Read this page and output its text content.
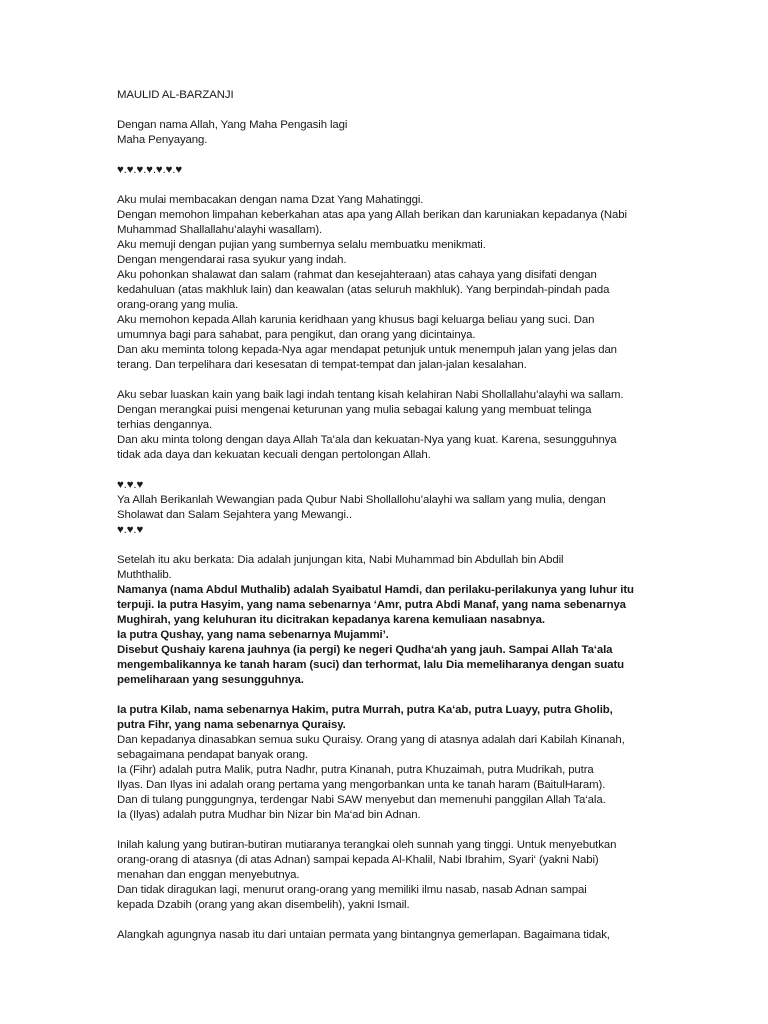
MAULID AL-BARZANJI
Dengan nama Allah, Yang Maha Pengasih lagi
Maha Penyayang.
♥.♥.♥.♥.♥.♥.♥
Aku mulai membacakan dengan nama Dzat Yang Mahatinggi.
Dengan memohon limpahan keberkahan atas apa yang Allah berikan dan karuniakan kepadanya (Nabi
Muhammad Shallallahu’alayhi wasallam).
Aku memuji dengan pujian yang sumbernya selalu membuatku menikmati.
Dengan mengendarai rasa syukur yang indah.
Aku pohonkan shalawat dan salam (rahmat dan kesejahteraan) atas cahaya yang disifati dengan
kedahuluan (atas makhluk lain) dan keawalan (atas seluruh makhluk). Yang berpindah-pindah pada
orang-orang yang mulia.
Aku memohon kepada Allah karunia keridhaan yang khusus bagi keluarga beliau yang suci. Dan
umumnya bagi para sahabat, para pengikut, dan orang yang dicintainya.
Dan aku meminta tolong kepada-Nya agar mendapat petunjuk untuk menempuh jalan yang jelas dan
terang. Dan terpelihara dari kesesatan di tempat-tempat dan jalan-jalan kesalahan.
Aku sebar luaskan kain yang baik lagi indah tentang kisah kelahiran Nabi Shollallahu’alayhi wa sallam.
Dengan merangkai puisi mengenai keturunan yang mulia sebagai kalung yang membuat telinga
terhias dengannya.
Dan aku minta tolong dengan daya Allah Ta’ala dan kekuatan-Nya yang kuat. Karena, sesungguhnya
tidak ada daya dan kekuatan kecuali dengan pertolongan Allah.
♥.♥.♥
Ya Allah Berikanlah Wewangian pada Qubur Nabi Shollallohu’alayhi wa sallam yang mulia, dengan
Sholawat dan Salam Sejahtera yang Mewangi..
♥.♥.♥
Setelah itu aku berkata: Dia adalah junjungan kita, Nabi Muhammad bin Abdullah bin Abdil
Muththalib.
Namanya (nama Abdul Muthalib) adalah Syaibatul Hamdi, dan perilaku-perilakunya yang luhur itu
terpuji. Ia putra Hasyim, yang nama sebenarnya ‘Amr, putra Abdi Manaf, yang nama sebenarnya
Mughirah, yang keluhuran itu dicitrakan kepadanya karena kemuliaan nasabnya.
Ia putra Qushay, yang nama sebenarnya Mujammi’.
Disebut Qushaiy karena jauhnya (ia pergi) ke negeri Qudha‘ah yang jauh. Sampai Allah Ta‘ala
mengembalikannya ke tanah haram (suci) dan terhormat, lalu Dia memeliharanya dengan suatu
pemeliharaan yang sesungguhnya.
Ia putra Kilab, nama sebenarnya Hakim, putra Murrah, putra Ka‘ab, putra Luayy, putra Gholib,
putra Fihr, yang nama sebenarnya Quraisy.
Dan kepadanya dinasabkan semua suku Quraisy. Orang yang di atasnya adalah dari Kabilah Kinanah,
sebagaimana pendapat banyak orang.
Ia (Fihr) adalah putra Malik, putra Nadhr, putra Kinanah, putra Khuzaimah, putra Mudrikah, putra
Ilyas. Dan Ilyas ini adalah orang pertama yang mengorbankan unta ke tanah haram (BaitulHaram).
Dan di tulang punggungnya, terdengar Nabi SAW menyebut dan memenuhi panggilan Allah Ta‘ala.
Ia (Ilyas) adalah putra Mudhar bin Nizar bin Ma‘ad bin Adnan.
Inilah kalung yang butiran-butiran mutiaranya terangkai oleh sunnah yang tinggi. Untuk menyebutkan
orang-orang di atasnya (di atas Adnan) sampai kepada Al-Khalil, Nabi Ibrahim, Syari‘ (yakni Nabi)
menahan dan enggan menyebutnya.
Dan tidak diragukan lagi, menurut orang-orang yang memiliki ilmu nasab, nasab Adnan sampai
kepada Dzabih (orang yang akan disembelih), yakni Ismail.
Alangkah agungnya nasab itu dari untaian permata yang bintangnya gemerlapan. Bagaimana tidak,
